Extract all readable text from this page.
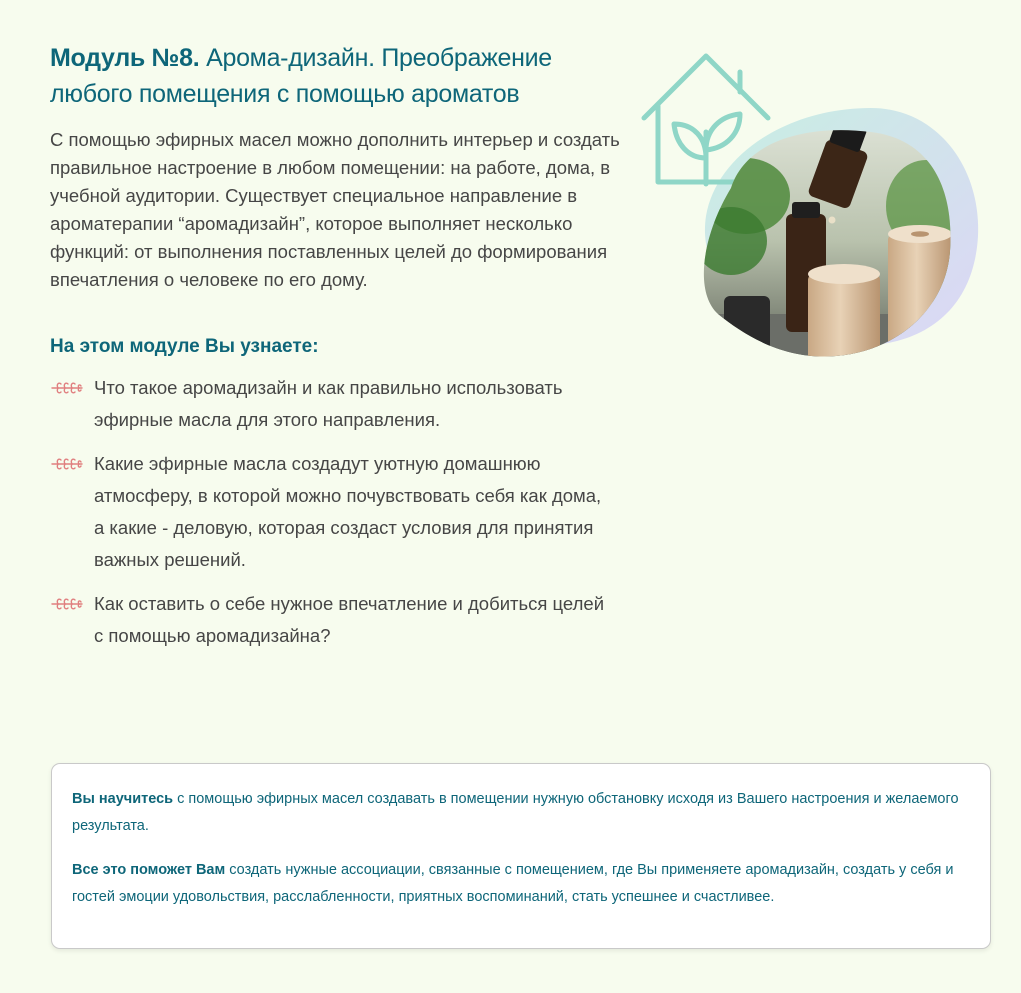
Модуль №8. Арома-дизайн. Преображение любого помещения с помощью ароматов

С помощью эфирных масел можно дополнить интерьер и создать правильное настроение в любом помещении: на работе, дома, в учебной аудитории. Существует специальное направление в ароматерапии “аромадизайн”, которое выполняет несколько функций: от выполнения поставленных целей до формирования впечатления о человеке по его дому.

На этом модуле Вы узнаете:
Что такое аромадизайн и как правильно использовать эфирные масла для этого направления.
Какие эфирные масла создадут уютную домашнюю атмосферу, в которой можно почувствовать себя как дома, а какие - деловую, которая создаст условия для принятия важных решений.
Как оставить о себе нужное впечатление и добиться целей с помощью аромадизайна?

Вы научитесь с помощью эфирных масел создавать в помещении нужную обстановку исходя из Вашего настроения и желаемого результата.

Все это поможет Вам создать нужные ассоциации, связанные с помещением, где Вы применяете аромадизайн, создать у себя и гостей эмоции удовольствия, расслабленности, приятных воспоминаний, стать успешнее и счастливее.
